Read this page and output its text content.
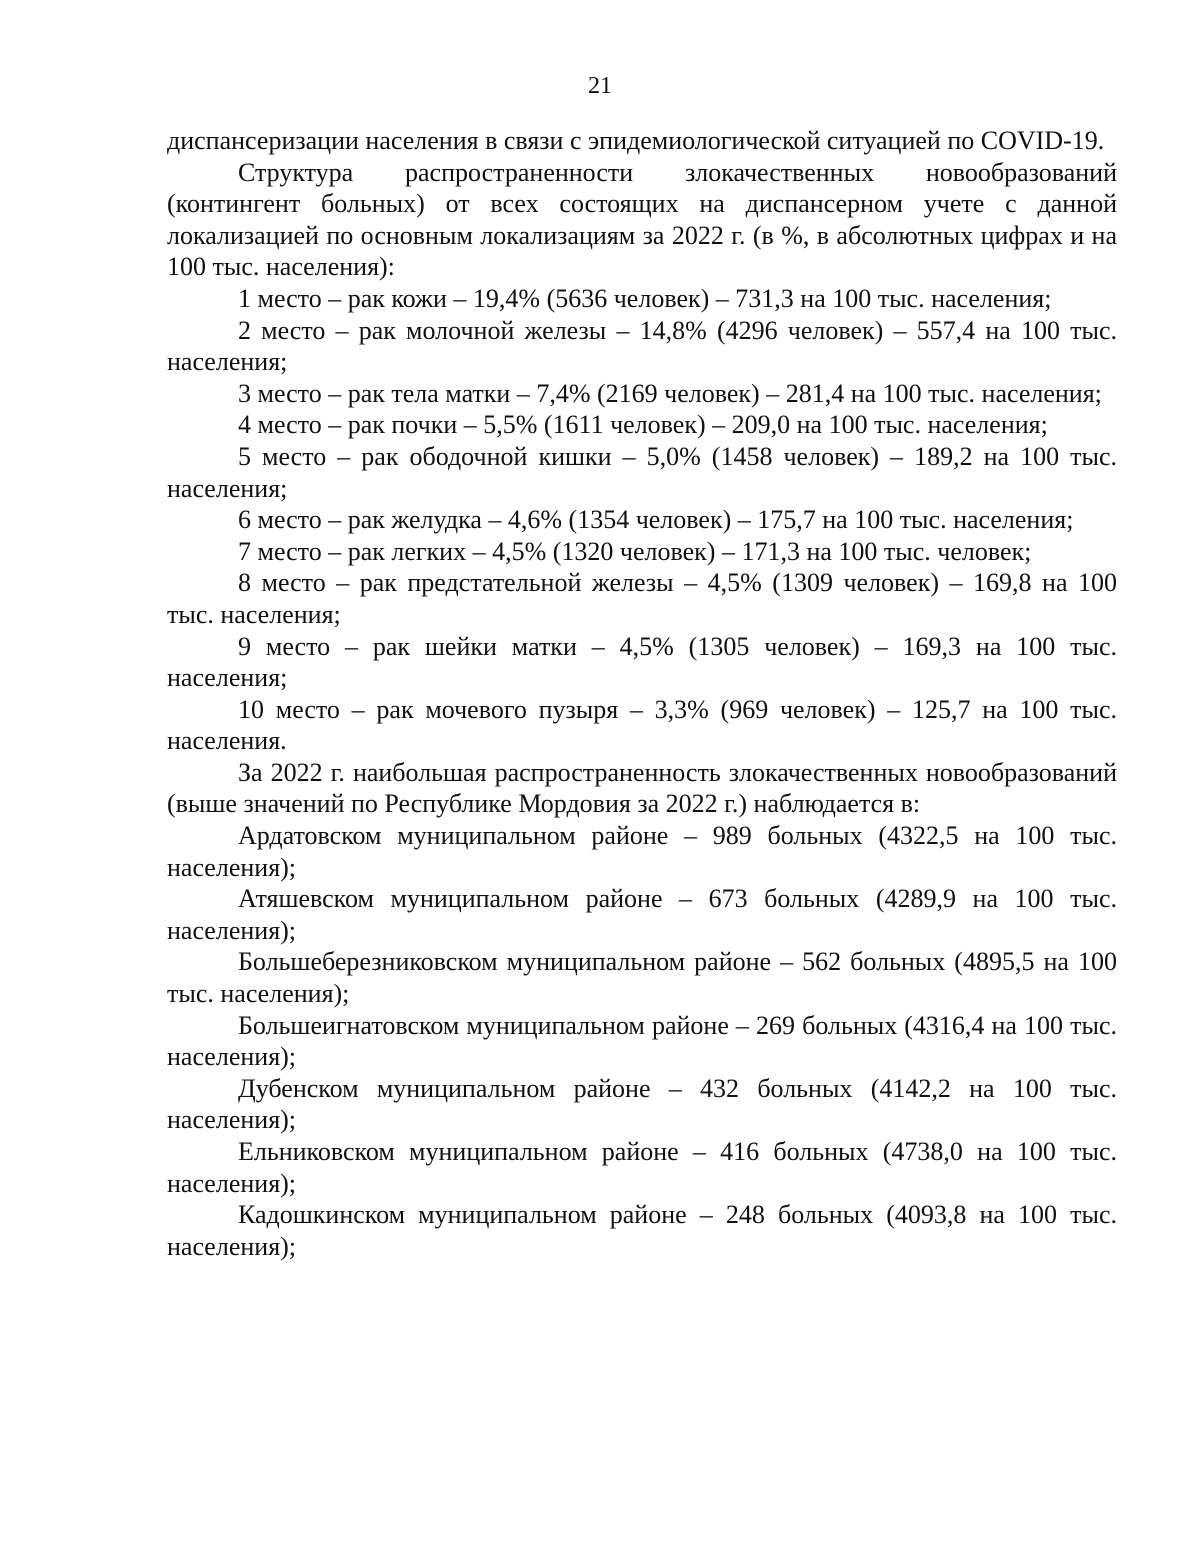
21

диспансеризации населения в связи с эпидемиологической ситуацией по COVID-19.

Структура распространенности злокачественных новообразований (контингент больных) от всех состоящих на диспансерном учете с данной локализацией по основным локализациям за 2022 г. (в %, в абсолютных цифрах и на 100 тыс. населения):

1 место – рак кожи – 19,4% (5636 человек) – 731,3 на 100 тыс. населения;

2 место – рак молочной железы – 14,8% (4296 человек) – 557,4 на 100 тыс. населения;

3 место – рак тела матки – 7,4% (2169 человек) – 281,4 на 100 тыс. населения;

4 место – рак почки – 5,5% (1611 человек) – 209,0 на 100 тыс. населения;

5 место – рак ободочной кишки – 5,0% (1458 человек) – 189,2 на 100 тыс. населения;

6 место – рак желудка – 4,6% (1354 человек) – 175,7 на 100 тыс. населения;

7 место – рак легких – 4,5% (1320 человек) – 171,3 на 100 тыс. человек;

8 место – рак предстательной железы – 4,5% (1309 человек) – 169,8 на 100 тыс. населения;

9 место – рак шейки матки – 4,5% (1305 человек) – 169,3 на 100 тыс. населения;

10 место – рак мочевого пузыря – 3,3% (969 человек) – 125,7 на 100 тыс. населения.

За 2022 г. наибольшая распространенность злокачественных новообразований (выше значений по Республике Мордовия за 2022 г.) наблюдается в:

Ардатовском муниципальном районе – 989 больных (4322,5 на 100 тыс. населения);

Атяшевском муниципальном районе – 673 больных (4289,9 на 100 тыс. населения);

Большеберезниковском муниципальном районе – 562 больных (4895,5 на 100 тыс. населения);

Большеигнатовском муниципальном районе – 269 больных (4316,4 на 100 тыс. населения);

Дубенском муниципальном районе – 432 больных (4142,2 на 100 тыс. населения);

Ельниковском муниципальном районе – 416 больных (4738,0 на 100 тыс. населения);

Кадошкинском муниципальном районе – 248 больных (4093,8 на 100 тыс. населения);
